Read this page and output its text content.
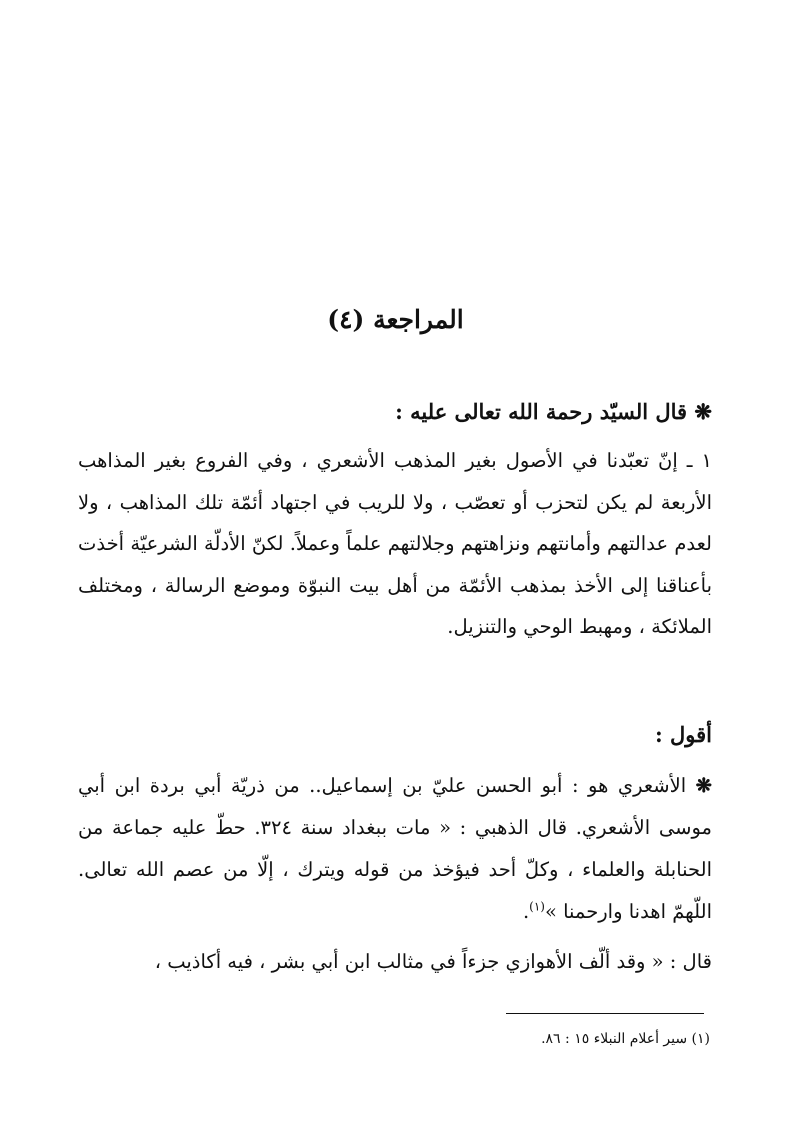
المراجعة (٤)
❋ قال السيّد رحمة الله تعالى عليه :
١ ـ إنّ تعبّدنا في الأصول بغير المذهب الأشعري ، وفي الفروع بغير المذاهب الأربعة لم يكن لتحزب أو تعصّب ، ولا للريب في اجتهاد أئمّة تلك المذاهب ، ولا لعدم عدالتهم وأمانتهم ونزاهتهم وجلالتهم علماً وعملاً. لكنّ الأدلّة الشرعيّة أخذت بأعناقنا إلى الأخذ بمذهب الأئمّة من أهل بيت النبوّة وموضع الرسالة ، ومختلف الملائكة ، ومهبط الوحي والتنزيل.
أقول :
❋ الأشعري هو : أبو الحسن عليّ بن إسماعيل.. من ذريّة أبي بردة ابن أبي موسى الأشعري. قال الذهبي : « مات ببغداد سنة ٣٢٤. حطّ عليه جماعة من الحنابلة والعلماء ، وكلّ أحد فيؤخذ من قوله ويترك ، إلّا من عصم الله تعالى. اللّهمّ اهدنا وارحمنا »$^{(١)}$.
قال : « وقد ألّف الأهوازي جزءاً في مثالب ابن أبي بشر ، فيه أكاذيب ،
(١) سير أعلام النبلاء ١٥ : ٨٦.
